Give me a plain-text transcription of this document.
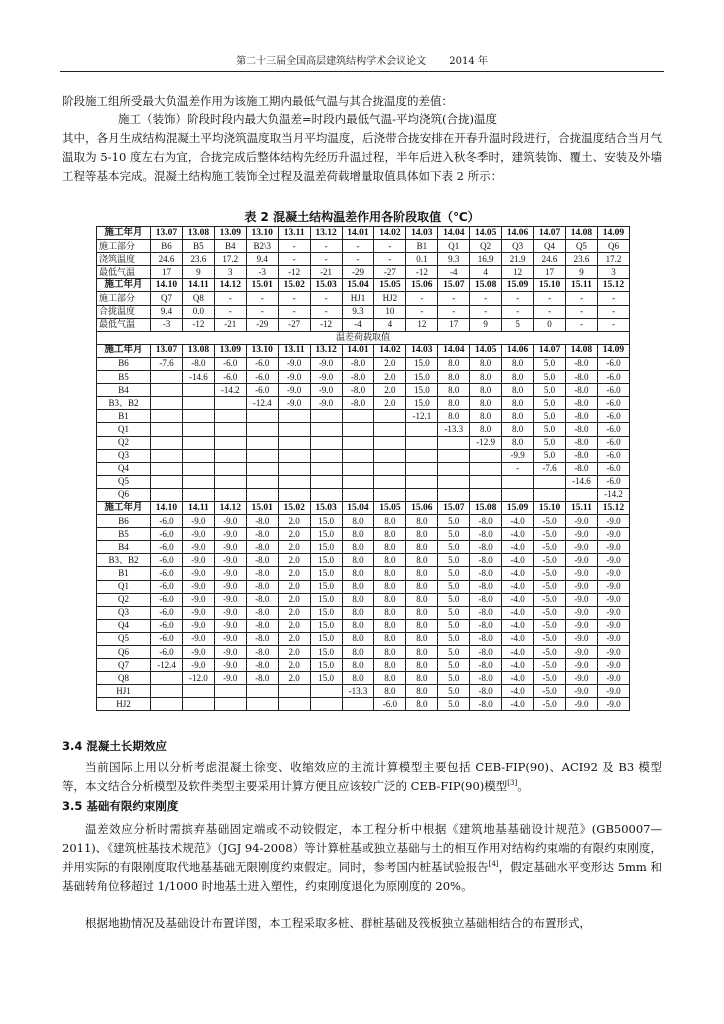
第二十三届全国高层建筑结构学术会议论文 2014 年

阶段施工组所受最大负温差作用为该施工期内最低气温与其合拢温度的差值：

施工（装饰）阶段时段内最大负温差=时段内最低气温-平均浇筑(合拢)温度

其中，各月生成结构混凝土平均浇筑温度取当月平均温度，后浇带合拢安排在开春升温时段进行，合拢温度结合当月气温取为 5-10 度左右为宜，合拢完成后整体结构先经历升温过程，半年后进入秋冬季时，建筑装饰、覆土、安装及外墙工程等基本完成。混凝土结构施工装饰全过程及温差荷载增量取值具体如下表 2 所示：

表 2 混凝土结构温差作用各阶段取值（℃）
施工年月	13.07	13.08	13.09	13.10	13.11	13.12	14.01	14.02	14.03	14.04	14.05	14.06	14.07	14.08	14.09
施工部分	B6	B5	B4	B2\3	-	-	-	-	B1	Q1	Q2	Q3	Q4	Q5	Q6
浇筑温度	24.6	23.6	17.2	9.4	-	-	-	-	0.1	9.3	16.9	21.9	24.6	23.6	17.2
最低气温	17	9	3	-3	-12	-21	-29	-27	-12	-4	4	12	17	9	3
施工年月	14.10	14.11	14.12	15.01	15.02	15.03	15.04	15.05	15.06	15.07	15.08	15.09	15.10	15.11	15.12
施工部分	Q7	Q8	-	-	-	-	HJ1	HJ2	-	-	-	-	-	-	-
合拢温度	9.4	0.0	-	-	-	-	9.3	10	-	-	-	-	-	-	-
最低气温	-3	-12	-21	-29	-27	-12	-4	4	12	17	9	5	0	-	-
温差荷载取值															
施工年月	13.07	13.08	13.09	13.10	13.11	13.12	14.01	14.02	14.03	14.04	14.05	14.06	14.07	14.08	14.09
B6	-7.6	-8.0	-6.0	-6.0	-9.0	-9.0	-8.0	2.0	15.0	8.0	8.0	8.0	5.0	-8.0	-6.0
B5		-14.6	-6.0	-6.0	-9.0	-9.0	-8.0	2.0	15.0	8.0	8.0	8.0	5.0	-8.0	-6.0
B4			-14.2	-6.0	-9.0	-9.0	-8.0	2.0	15.0	8.0	8.0	8.0	5.0	-8.0	-6.0
B3、B2				-12.4	-9.0	-9.0	-8.0	2.0	15.0	8.0	8.0	8.0	5.0	-8.0	-6.0
B1									-12.1	8.0	8.0	8.0	5.0	-8.0	-6.0
Q1										-13.3	8.0	8.0	5.0	-8.0	-6.0
Q2											-12.9	8.0	5.0	-8.0	-6.0
Q3												-9.9	5.0	-8.0	-6.0
Q4												-	-7.6	-8.0	-6.0
Q5														-14.6	-6.0
Q6															-14.2
施工年月	14.10	14.11	14.12	15.01	15.02	15.03	15.04	15.05	15.06	15.07	15.08	15.09	15.10	15.11	15.12
B6	-6.0	-9.0	-9.0	-8.0	2.0	15.0	8.0	8.0	8.0	5.0	-8.0	-4.0	-5.0	-9.0	-9.0
B5	-6.0	-9.0	-9.0	-8.0	2.0	15.0	8.0	8.0	8.0	5.0	-8.0	-4.0	-5.0	-9.0	-9.0
B4	-6.0	-9.0	-9.0	-8.0	2.0	15.0	8.0	8.0	8.0	5.0	-8.0	-4.0	-5.0	-9.0	-9.0
B3、B2	-6.0	-9.0	-9.0	-8.0	2.0	15.0	8.0	8.0	8.0	5.0	-8.0	-4.0	-5.0	-9.0	-9.0
B1	-6.0	-9.0	-9.0	-8.0	2.0	15.0	8.0	8.0	8.0	5.0	-8.0	-4.0	-5.0	-9.0	-9.0
Q1	-6.0	-9.0	-9.0	-8.0	2.0	15.0	8.0	8.0	8.0	5.0	-8.0	-4.0	-5.0	-9.0	-9.0
Q2	-6.0	-9.0	-9.0	-8.0	2.0	15.0	8.0	8.0	8.0	5.0	-8.0	-4.0	-5.0	-9.0	-9.0
Q3	-6.0	-9.0	-9.0	-8.0	2.0	15.0	8.0	8.0	8.0	5.0	-8.0	-4.0	-5.0	-9.0	-9.0
Q4	-6.0	-9.0	-9.0	-8.0	2.0	15.0	8.0	8.0	8.0	5.0	-8.0	-4.0	-5.0	-9.0	-9.0
Q5	-6.0	-9.0	-9.0	-8.0	2.0	15.0	8.0	8.0	8.0	5.0	-8.0	-4.0	-5.0	-9.0	-9.0
Q6	-6.0	-9.0	-9.0	-8.0	2.0	15.0	8.0	8.0	8.0	5.0	-8.0	-4.0	-5.0	-9.0	-9.0
Q7	-12.4	-9.0	-9.0	-8.0	2.0	15.0	8.0	8.0	8.0	5.0	-8.0	-4.0	-5.0	-9.0	-9.0
Q8		-12.0	-9.0	-8.0	2.0	15.0	8.0	8.0	8.0	5.0	-8.0	-4.0	-5.0	-9.0	-9.0
HJ1							-13.3	8.0	8.0	5.0	-8.0	-4.0	-5.0	-9.0	-9.0
HJ2								-6.0	8.0	5.0	-8.0	-4.0	-5.0	-9.0	-9.0
3.4 混凝土长期效应

当前国际上用以分析考虑混凝土徐变、收缩效应的主流计算模型主要包括 CEB-FIP(90)、ACI92 及 B3 模型等，本文结合分析模型及软件类型主要采用计算方便且应该较广泛的 CEB-FIP(90)模型[3]。

3.5 基础有限约束刚度

温差效应分析时需摈弃基础固定端或不动铰假定，本工程分析中根据《建筑地基基础设计规范》(GB50007—2011)、《建筑桩基技术规范》（JGJ 94-2008）等计算桩基或独立基础与土的相互作用对结构约束端的有限约束刚度，并用实际的有限刚度取代地基基础无限刚度约束假定。同时，参考国内桩基试验报告[4]，假定基础水平变形达 5mm 和基础转角位移超过 1/1000 时地基土进入塑性，约束刚度退化为原刚度的 20%。

根据地勘情况及基础设计布置详图，本工程采取多桩、群桩基础及筏板独立基础相结合的布置形式，
